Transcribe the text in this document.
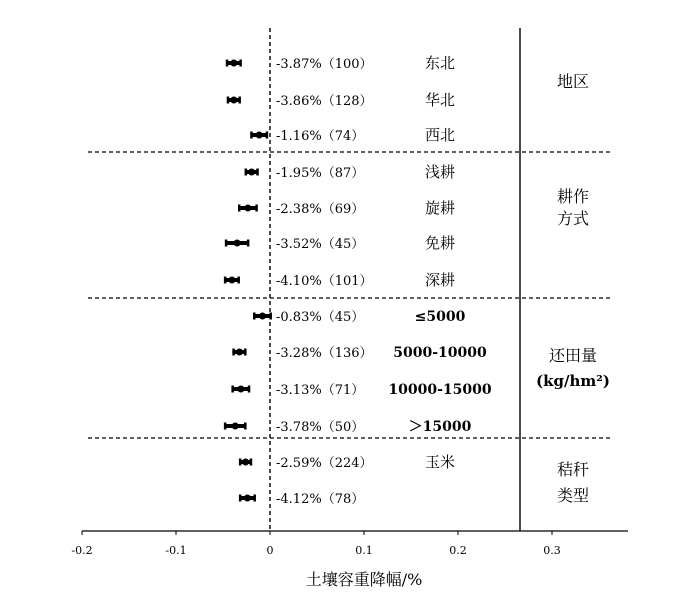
-3.87%（100）	东北
-3.86%（128）	华北
-1.16%（74）	西北
-1.95%（87）	浅耕
-2.38%（69）	旋耕
-3.52%（45）	免耕
-4.10%（101）	深耕
-0.83%（45）	≤5000
-3.28%（136） 5000-10000
-3.13%（71） 10000-15000
-3.78%（50）	＞15000
-2.59%（224）	玉米
-4.12%（78）
地区
耕作
方式
还田量
(kg/hm²)
秸秆
类型
-0.2	-0.1	0	0.1	0.2	0.3
土壤容重降幅/%
